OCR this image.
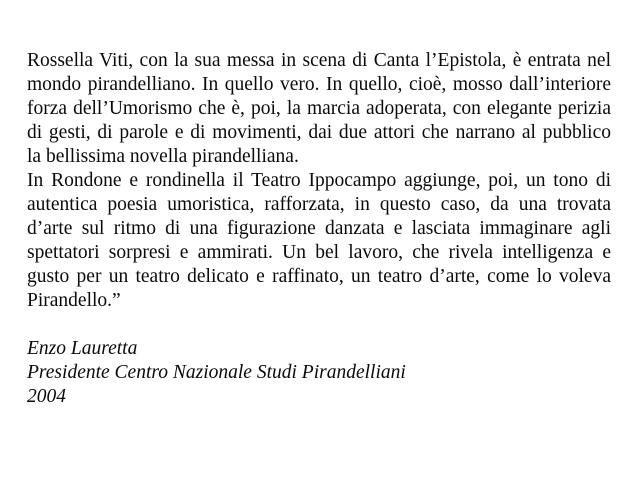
Rossella Viti, con la sua messa in scena di Canta l’Epistola, è entrata nel
mondo pirandelliano. In quello vero. In quello, cioè, mosso dall’interiore
forza dell’Umorismo che è, poi, la marcia adoperata, con elegante perizia
di gesti, di parole e di movimenti, dai due attori che narrano al pubblico
la bellissima novella pirandelliana.
In Rondone e rondinella il Teatro Ippocampo aggiunge, poi, un tono di
autentica poesia umoristica, rafforzata, in questo caso, da una trovata
d’arte sul ritmo di una figurazione danzata e lasciata immaginare agli
spettatori sorpresi e ammirati. Un bel lavoro, che rivela intelligenza e
gusto per un teatro delicato e raffinato, un teatro d’arte, come lo voleva
Pirandello.”
Enzo Lauretta
Presidente Centro Nazionale Studi Pirandelliani
2004
